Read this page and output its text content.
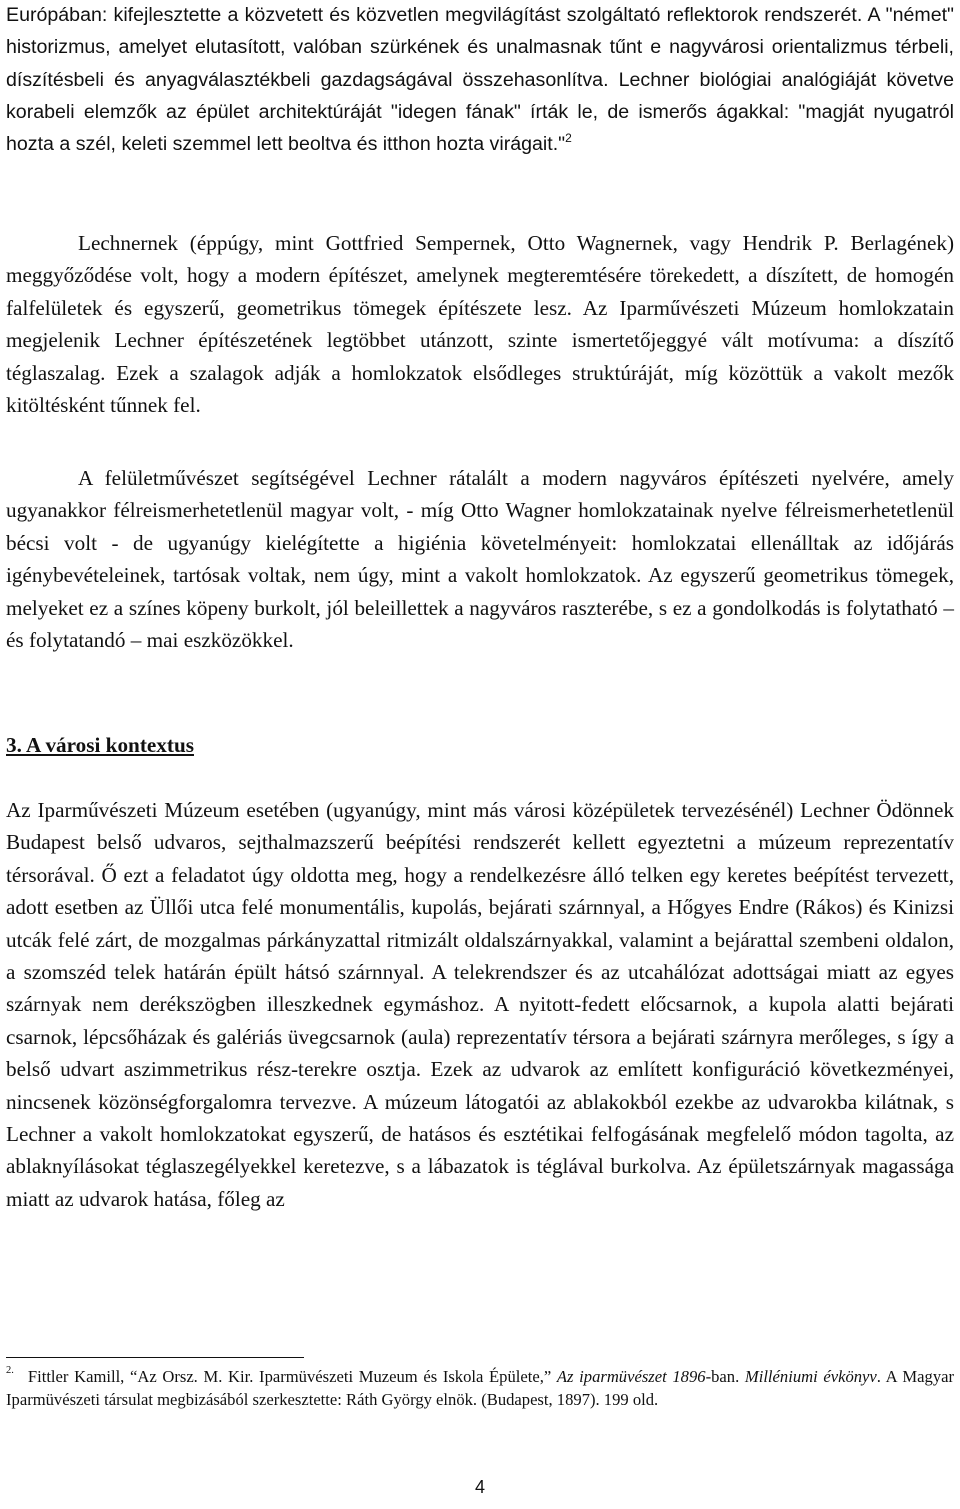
Európában: kifejlesztette a közvetett és közvetlen megvilágítást szolgáltató reflektorok rendszerét. A "német" historizmus, amelyet elutasított, valóban szürkének és unalmasnak tűnt e nagyvárosi orientalizmus térbeli, díszítésbeli és anyagválasztékbeli gazdagságával összehasonlítva. Lechner biológiai analógiáját követve korabeli elemzők az épület architektúráját "idegen fának" írták le, de ismerős ágakkal: "magját nyugatról hozta a szél, keleti szemmel lett beoltva és itthon hozta virágait."$^2$

Lechnernek (éppúgy, mint Gottfried Sempernek, Otto Wagnernek, vagy Hendrik P. Berlagének) meggyőződése volt, hogy a modern építészet, amelynek megteremtésére törekedett, a díszített, de homogén falfelületek és egyszerű, geometrikus tömegek építészete lesz. Az Iparművészeti Múzeum homlokzatain megjelenik Lechner építészetének legtöbbet utánzott, szinte ismertetőjeggyé vált motívuma: a díszítő téglaszalag. Ezek a szalagok adják a homlokzatok elsődleges struktúráját, míg közöttük a vakolt mezők kitöltésként tűnnek fel.

A felületművészet segítségével Lechner rátalált a modern nagyváros építészeti nyelvére, amely ugyanakkor félreismerhetetlenül magyar volt, - míg Otto Wagner homlokzatainak nyelve félreismerhetetlenül bécsi volt - de ugyanúgy kielégítette a higiénia követelményeit: homlokzatai ellenálltak az időjárás igénybevételeinek, tartósak voltak, nem úgy, mint a vakolt homlokzatok. Az egyszerű geometrikus tömegek, melyeket ez a színes köpeny burkolt, jól beleillettek a nagyváros raszterébe, s ez a gondolkodás is folytatható – és folytatandó – mai eszközökkel.

3. A városi kontextus

Az Iparművészeti Múzeum esetében (ugyanúgy, mint más városi középületek tervezésénél) Lechner Ödönnek Budapest belső udvaros, sejthalmazszerű beépítési rendszerét kellett egyeztetni a múzeum reprezentatív térsorával. Ő ezt a feladatot úgy oldotta meg, hogy a rendelkezésre álló telken egy keretes beépítést tervezett, adott esetben az Üllői utca felé monumentális, kupolás, bejárati szárnnyal, a Hőgyes Endre (Rákos) és Kinizsi utcák felé zárt, de mozgalmas párkányzattal ritmizált oldalszárnyakkal, valamint a bejárattal szembeni oldalon, a szomszéd telek határán épült hátsó szárnnyal. A telekrendszer és az utcahálózat adottságai miatt az egyes szárnyak nem derékszögben illeszkednek egymáshoz. A nyitott-fedett előcsarnok, a kupola alatti bejárati csarnok, lépcsőházak és galériás üvegcsarnok (aula) reprezentatív térsora a bejárati szárnyra merőleges, s így a belső udvart aszimmetrikus rész-terekre osztja. Ezek az udvarok az említett konfiguráció következményei, nincsenek közönségforgalomra tervezve. A múzeum látogatói az ablakokból ezekbe az udvarokba kilátnak, s Lechner a vakolt homlokzatokat egyszerű, de hatásos és esztétikai felfogásának megfelelő módon tagolta, az ablaknyílásokat téglaszegélyekkel keretezve, s a lábazatok is téglával burkolva. Az épületszárnyak magassága miatt az udvarok hatása, főleg az

$^{2.}$ Fittler Kamill, “Az Orsz. M. Kir. Iparmüvészeti Muzeum és Iskola Épülete,” Az iparmüvészet 1896-ban. Milléniumi évkönyv. A Magyar Iparmüvészeti társulat megbizásából szerkesztette: Ráth György elnök. (Budapest, 1897). 199 old.

4
